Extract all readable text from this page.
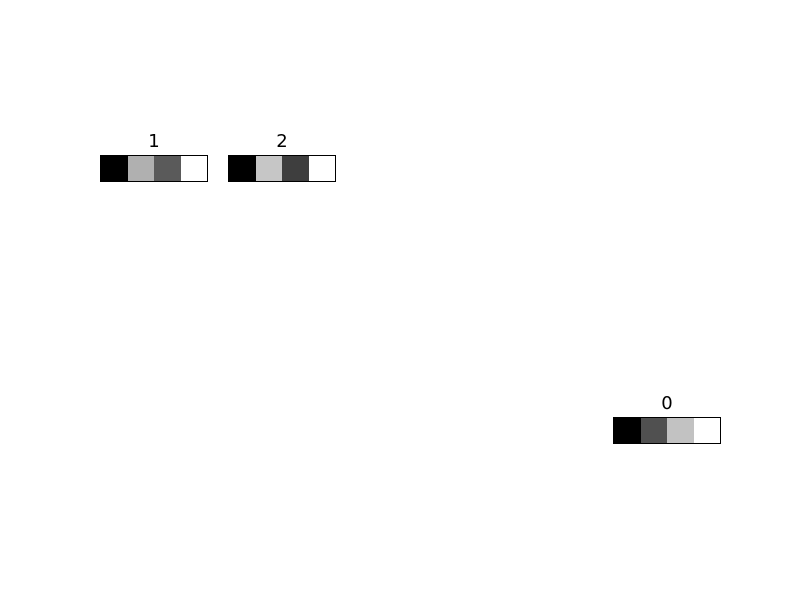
1	2
0
